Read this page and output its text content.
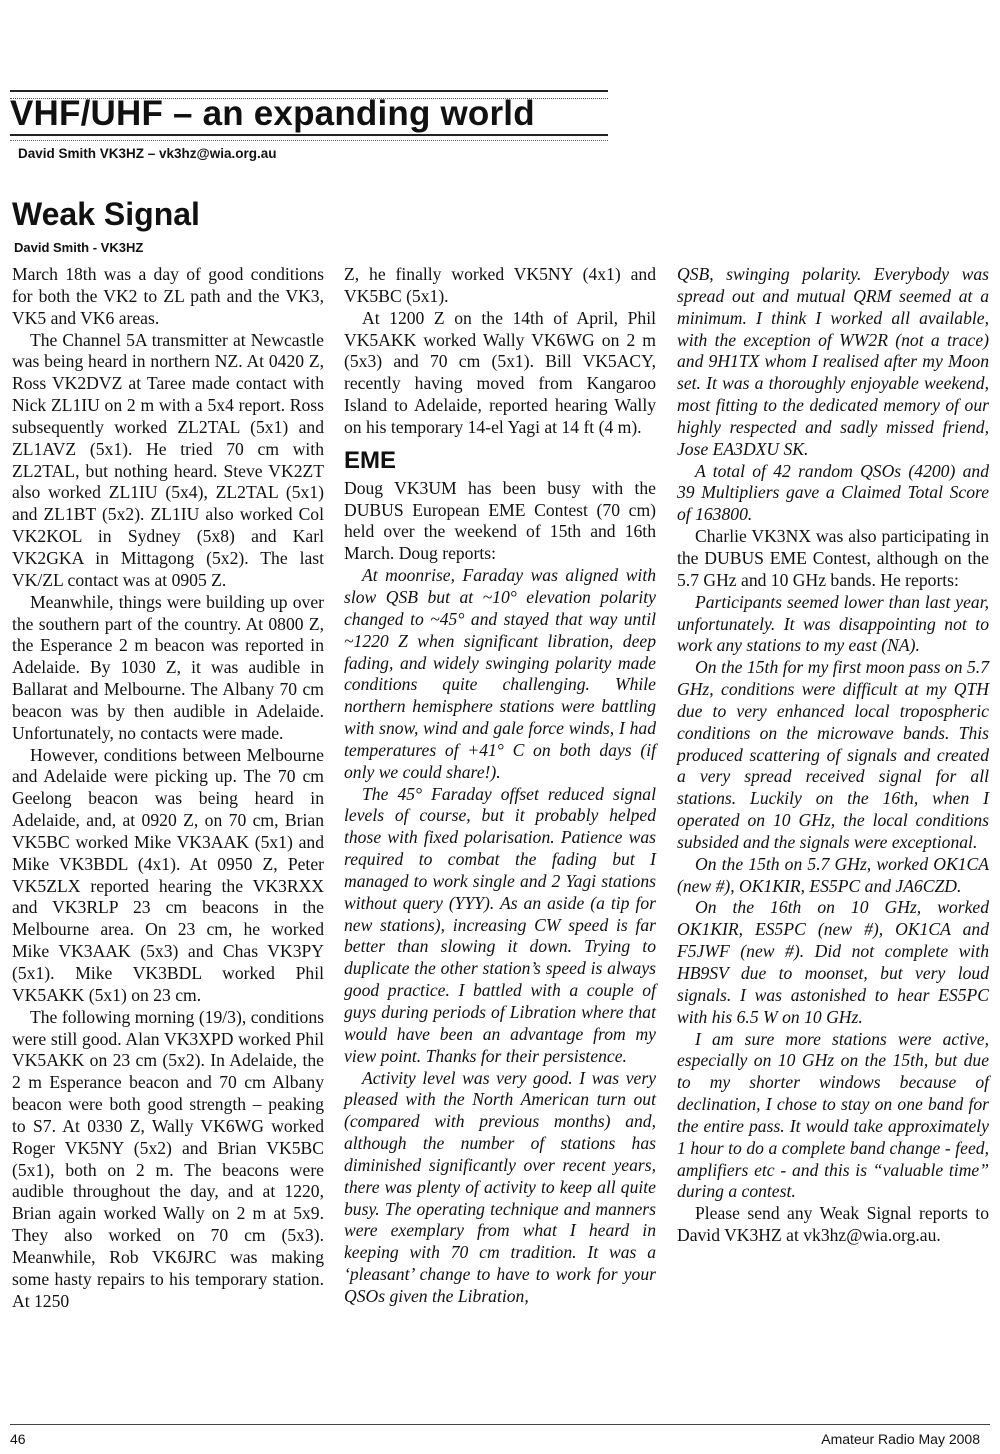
VHF/UHF – an expanding world
David Smith VK3HZ – vk3hz@wia.org.au
Weak Signal
David Smith - VK3HZ

March 18th was a day of good conditions for both the VK2 to ZL path and the VK3, VK5 and VK6 areas.

The Channel 5A transmitter at Newcastle was being heard in northern NZ. At 0420 Z, Ross VK2DVZ at Taree made contact with Nick ZL1IU on 2 m with a 5x4 report. Ross subsequently worked ZL2TAL (5x1) and ZL1AVZ (5x1). He tried 70 cm with ZL2TAL, but nothing heard. Steve VK2ZT also worked ZL1IU (5x4), ZL2TAL (5x1) and ZL1BT (5x2). ZL1IU also worked Col VK2KOL in Sydney (5x8) and Karl VK2GKA in Mittagong (5x2). The last VK/ZL contact was at 0905 Z.

Meanwhile, things were building up over the southern part of the country. At 0800 Z, the Esperance 2 m beacon was reported in Adelaide. By 1030 Z, it was audible in Ballarat and Melbourne. The Albany 70 cm beacon was by then audible in Adelaide. Unfortunately, no contacts were made.

However, conditions between Melbourne and Adelaide were picking up. The 70 cm Geelong beacon was being heard in Adelaide, and, at 0920 Z, on 70 cm, Brian VK5BC worked Mike VK3AAK (5x1) and Mike VK3BDL (4x1). At 0950 Z, Peter VK5ZLX reported hearing the VK3RXX and VK3RLP 23 cm beacons in the Melbourne area. On 23 cm, he worked Mike VK3AAK (5x3) and Chas VK3PY (5x1). Mike VK3BDL worked Phil VK5AKK (5x1) on 23 cm.

The following morning (19/3), conditions were still good. Alan VK3XPD worked Phil VK5AKK on 23 cm (5x2). In Adelaide, the 2 m Esperance beacon and 70 cm Albany beacon were both good strength – peaking to S7. At 0330 Z, Wally VK6WG worked Roger VK5NY (5x2) and Brian VK5BC (5x1), both on 2 m. The beacons were audible throughout the day, and at 1220, Brian again worked Wally on 2 m at 5x9. They also worked on 70 cm (5x3). Meanwhile, Rob VK6JRC was making some hasty repairs to his temporary station. At 1250

Z, he finally worked VK5NY (4x1) and VK5BC (5x1).

At 1200 Z on the 14th of April, Phil VK5AKK worked Wally VK6WG on 2 m (5x3) and 70 cm (5x1). Bill VK5ACY, recently having moved from Kangaroo Island to Adelaide, reported hearing Wally on his temporary 14-el Yagi at 14 ft (4 m).

EME

Doug VK3UM has been busy with the DUBUS European EME Contest (70 cm) held over the weekend of 15th and 16th March. Doug reports:

At moonrise, Faraday was aligned with slow QSB but at ~10° elevation polarity changed to ~45° and stayed that way until ~1220 Z when significant libration, deep fading, and widely swinging polarity made conditions quite challenging. While northern hemisphere stations were battling with snow, wind and gale force winds, I had temperatures of +41° C on both days (if only we could share!).

The 45° Faraday offset reduced signal levels of course, but it probably helped those with fixed polarisation. Patience was required to combat the fading but I managed to work single and 2 Yagi stations without query (YYY). As an aside (a tip for new stations), increasing CW speed is far better than slowing it down. Trying to duplicate the other station’s speed is always good practice. I battled with a couple of guys during periods of Libration where that would have been an advantage from my view point. Thanks for their persistence.

Activity level was very good. I was very pleased with the North American turn out (compared with previous months) and, although the number of stations has diminished significantly over recent years, there was plenty of activity to keep all quite busy. The operating technique and manners were exemplary from what I heard in keeping with 70 cm tradition. It was a ‘pleasant’ change to have to work for your QSOs given the Libration,

QSB, swinging polarity. Everybody was spread out and mutual QRM seemed at a minimum. I think I worked all available, with the exception of WW2R (not a trace) and 9H1TX whom I realised after my Moon set. It was a thoroughly enjoyable weekend, most fitting to the dedicated memory of our highly respected and sadly missed friend, Jose EA3DXU SK.

A total of 42 random QSOs (4200) and 39 Multipliers gave a Claimed Total Score of 163800.

Charlie VK3NX was also participating in the DUBUS EME Contest, although on the 5.7 GHz and 10 GHz bands. He reports:

Participants seemed lower than last year, unfortunately. It was disappointing not to work any stations to my east (NA).

On the 15th for my first moon pass on 5.7 GHz, conditions were difficult at my QTH due to very enhanced local tropospheric conditions on the microwave bands. This produced scattering of signals and created a very spread received signal for all stations. Luckily on the 16th, when I operated on 10 GHz, the local conditions subsided and the signals were exceptional.

On the 15th on 5.7 GHz, worked OK1CA (new #), OK1KIR, ES5PC and JA6CZD.

On the 16th on 10 GHz, worked OK1KIR, ES5PC (new #), OK1CA and F5JWF (new #). Did not complete with HB9SV due to moonset, but very loud signals. I was astonished to hear ES5PC with his 6.5 W on 10 GHz.

I am sure more stations were active, especially on 10 GHz on the 15th, but due to my shorter windows because of declination, I chose to stay on one band for the entire pass. It would take approximately 1 hour to do a complete band change - feed, amplifiers etc - and this is “valuable time” during a contest.

Please send any Weak Signal reports to David VK3HZ at vk3hz@wia.org.au.

46	Amateur Radio May 2008
